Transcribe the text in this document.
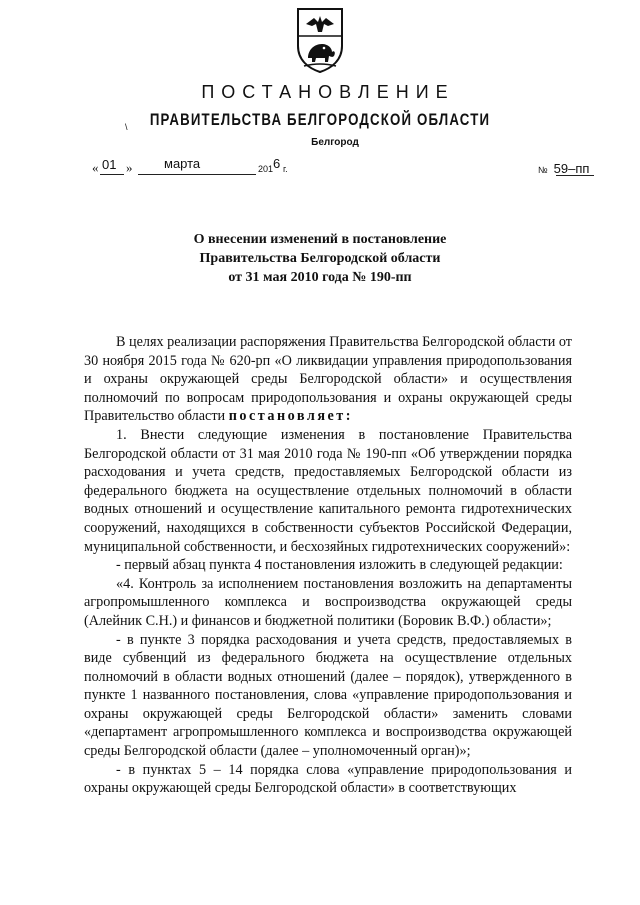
ПОСТАНОВЛЕНИЕ
\	ПРАВИТЕЛЬСТВА БЕЛГОРОДСКОЙ ОБЛАСТИ
Белгород
« 01 » марта	201 6 г.	№ 59–пп
О внесении изменений в постановление
Правительства Белгородской области
от 31 мая 2010 года № 190-пп

В целях реализации распоряжения Правительства Белгородской области от 30 ноября 2015 года № 620-рп «О ликвидации управления природопользования и охраны окружающей среды Белгородской области» и осуществления полномочий по вопросам природопользования и охраны окружающей среды Правительство области постановляет:

1. Внести следующие изменения в постановление Правительства Белгородской области от 31 мая 2010 года № 190-пп «Об утверждении порядка расходования и учета средств, предоставляемых Белгородской области из федерального бюджета на осуществление отдельных полномочий в области водных отношений и осуществление капитального ремонта гидротехнических сооружений, находящихся в собственности субъектов Российской Федерации, муниципальной собственности, и бесхозяйных гидротехнических сооружений»:

- первый абзац пункта 4 постановления изложить в следующей редакции:

«4. Контроль за исполнением постановления возложить на департаменты агропромышленного комплекса и воспроизводства окружающей среды (Алейник С.Н.) и финансов и бюджетной политики (Боровик В.Ф.) области»;

- в пункте 3 порядка расходования и учета средств, предоставляемых в виде субвенций из федерального бюджета на осуществление отдельных полномочий в области водных отношений (далее – порядок), утвержденного в пункте 1 названного постановления, слова «управление природопользования и охраны окружающей среды Белгородской области» заменить словами «департамент агропромышленного комплекса и воспроизводства окружающей среды Белгородской области (далее – уполномоченный орган)»;

- в пунктах 5 – 14 порядка слова «управление природопользования и охраны окружающей среды Белгородской области» в соответствующих
